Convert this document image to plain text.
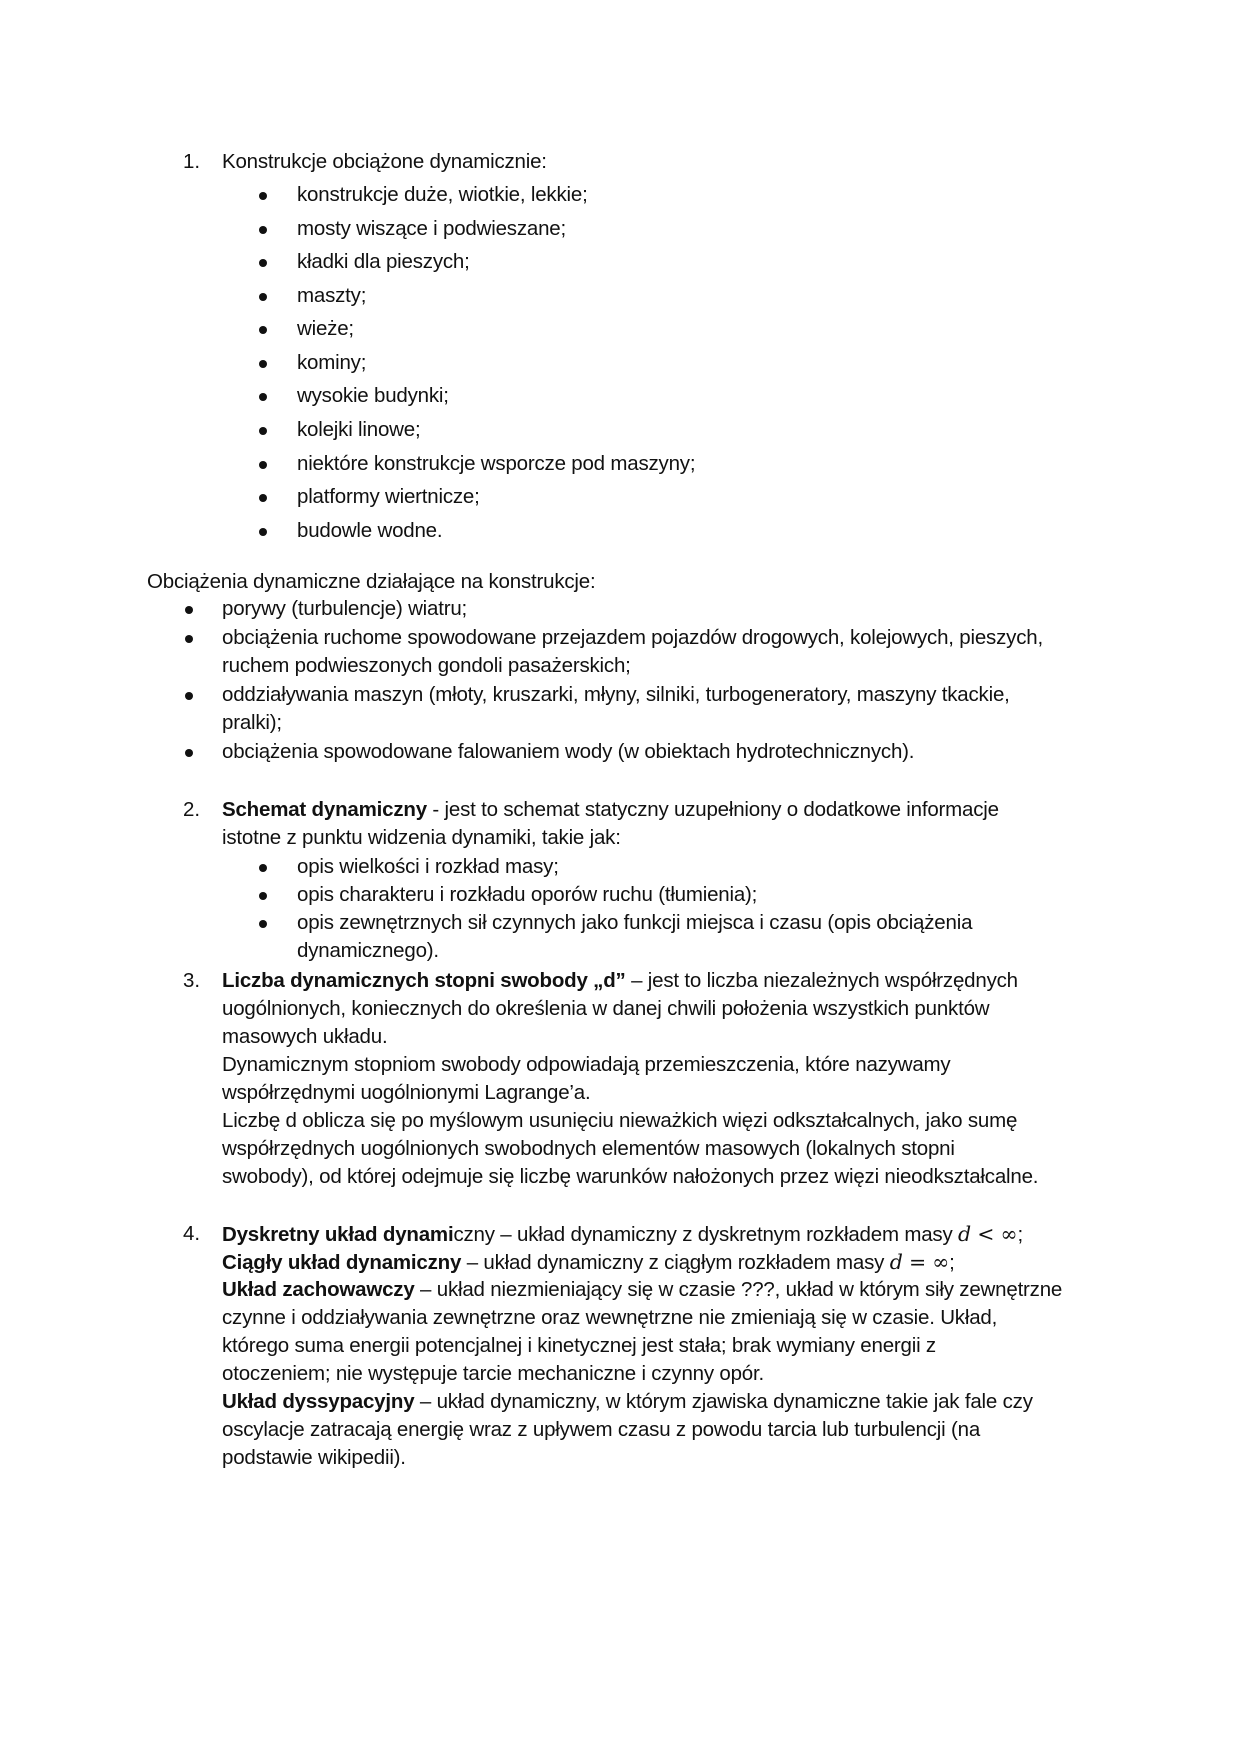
1. Konstrukcje obciążone dynamicznie:
konstrukcje duże, wiotkie, lekkie;
mosty wiszące i podwieszane;
kładki dla pieszych;
maszty;
wieże;
kominy;
wysokie budynki;
kolejki linowe;
niektóre konstrukcje wsporcze pod maszyny;
platformy wiertnicze;
budowle wodne.
Obciążenia dynamiczne działające na konstrukcje:
porywy (turbulencje) wiatru;
obciążenia ruchome spowodowane przejazdem pojazdów drogowych, kolejowych, pieszych,
ruchem podwieszonych gondoli pasażerskich;
oddziaływania maszyn (młoty, kruszarki, młyny, silniki, turbogeneratory, maszyny tkackie,
pralki);
obciążenia spowodowane falowaniem wody (w obiektach hydrotechnicznych).
2. Schemat dynamiczny - jest to schemat statyczny uzupełniony o dodatkowe informacje
istotne z punktu widzenia dynamiki, takie jak:
opis wielkości i rozkład masy;
opis charakteru i rozkładu oporów ruchu (tłumienia);
opis zewnętrznych sił czynnych jako funkcji miejsca i czasu (opis obciążenia
dynamicznego).
3. Liczba dynamicznych stopni swobody „d” – jest to liczba niezależnych współrzędnych
uogólnionych, koniecznych do określenia w danej chwili położenia wszystkich punktów
masowych układu.
Dynamicznym stopniom swobody odpowiadają przemieszczenia, które nazywamy
współrzędnymi uogólnionymi Lagrange’a.
Liczbę d oblicza się po myślowym usunięciu nieważkich więzi odkształcalnych, jako sumę
współrzędnych uogólnionych swobodnych elementów masowych (lokalnych stopni
swobody), od której odejmuje się liczbę warunków nałożonych przez więzi nieodkształcalne.
4. Dyskretny układ dynamiczny – układ dynamiczny z dyskretnym rozkładem masy d < ∞;
Ciągły układ dynamiczny – układ dynamiczny z ciągłym rozkładem masy d = ∞;
Układ zachowawczy – układ niezmieniający się w czasie ???, układ w którym siły zewnętrzne
czynne i oddziaływania zewnętrzne oraz wewnętrzne nie zmieniają się w czasie. Układ,
którego suma energii potencjalnej i kinetycznej jest stała; brak wymiany energii z
otoczeniem; nie występuje tarcie mechaniczne i czynny opór.
Układ dyssypacyjny – układ dynamiczny, w którym zjawiska dynamiczne takie jak fale czy
oscylacje zatracają energię wraz z upływem czasu z powodu tarcia lub turbulencji (na
podstawie wikipedii).
